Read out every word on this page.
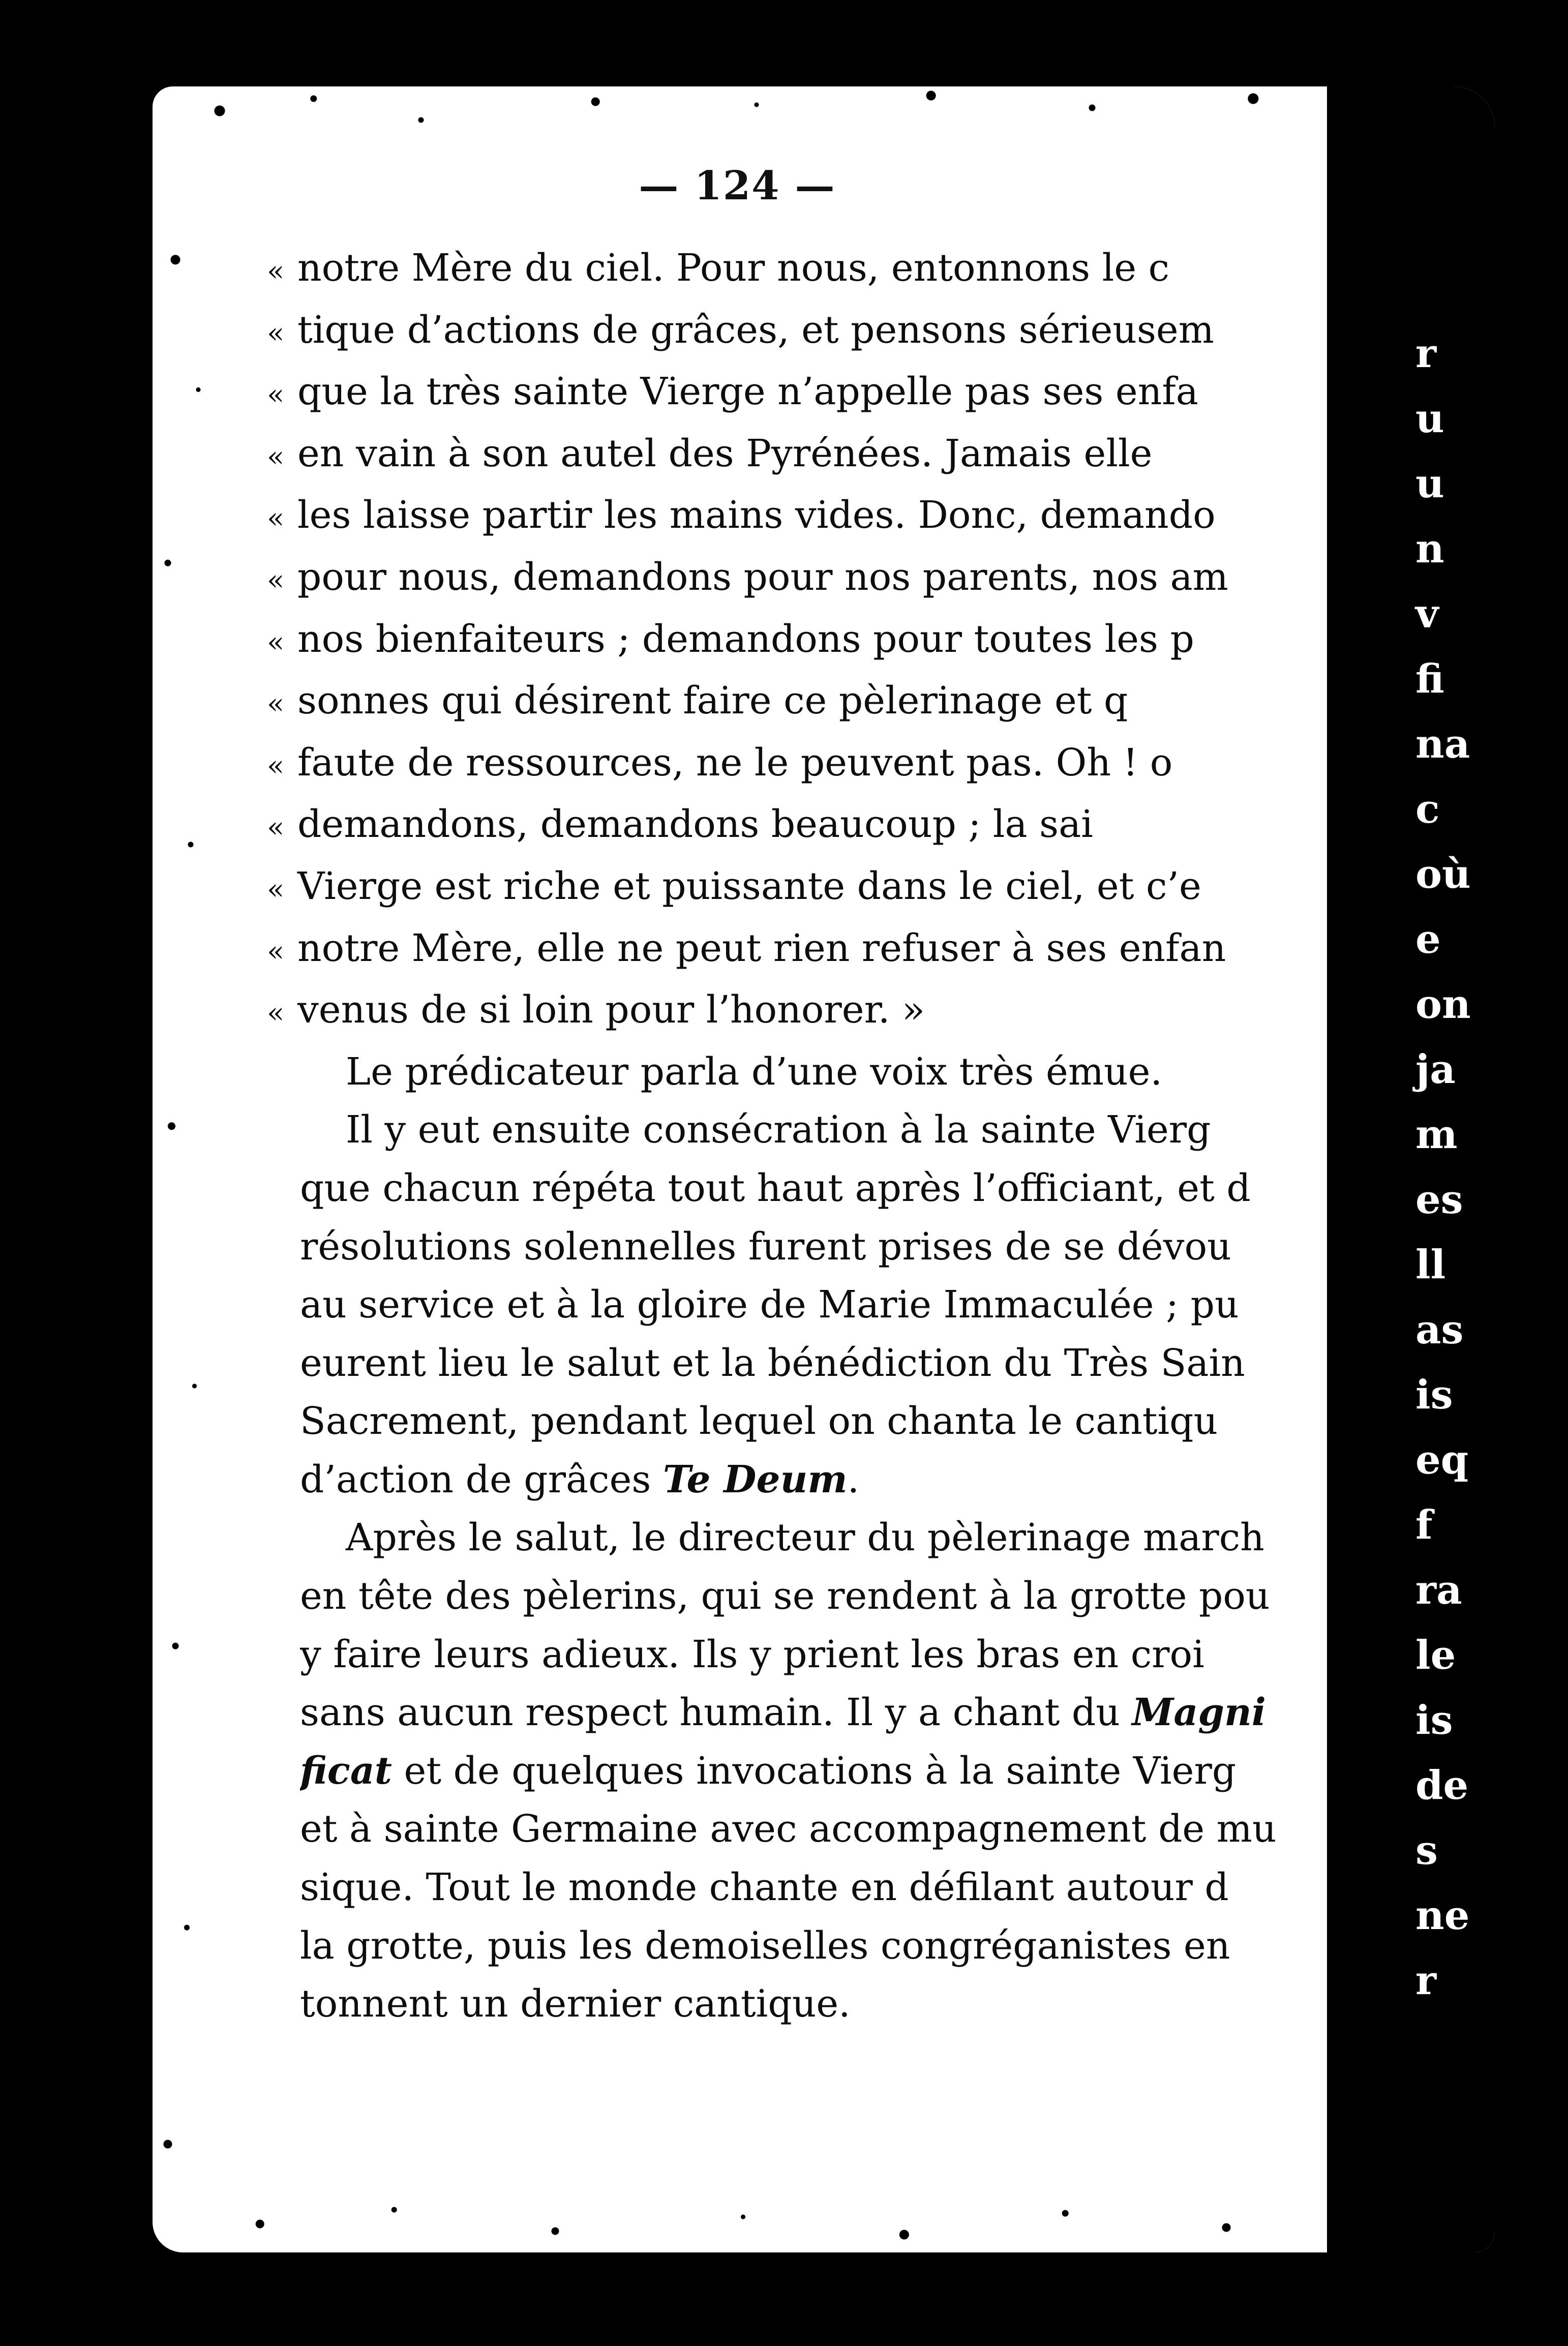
— 124 —
« notre Mère du ciel. Pour nous, entonnons le c
« tique d’actions de grâces, et pensons sérieusem
« que la très sainte Vierge n’appelle pas ses enfa
« en vain à son autel des Pyrénées. Jamais elle
« les laisse partir les mains vides. Donc, demando
« pour nous, demandons pour nos parents, nos am
« nos bienfaiteurs ; demandons pour toutes les p
« sonnes qui désirent faire ce pèlerinage et q
« faute de ressources, ne le peuvent pas. Oh ! o
« demandons, demandons beaucoup ; la sai
« Vierge est riche et puissante dans le ciel, et c’e
« notre Mère, elle ne peut rien refuser à ses enfan
« venus de si loin pour l’honorer. »
Le prédicateur parla d’une voix très émue.
Il y eut ensuite consécration à la sainte Vierg
que chacun répéta tout haut après l’officiant, et d
résolutions solennelles furent prises de se dévou
au service et à la gloire de Marie Immaculée ; pu
eurent lieu le salut et la bénédiction du Très Sain
Sacrement, pendant lequel on chanta le cantiqu
d’action de grâces Te Deum.
Après le salut, le directeur du pèlerinage march
en tête des pèlerins, qui se rendent à la grotte pou
y faire leurs adieux. Ils y prient les bras en croi
sans aucun respect humain. Il y a chant du Magni
ficat et de quelques invocations à la sainte Vierg
et à sainte Germaine avec accompagnement de mu
sique. Tout le monde chante en défilant autour d
la grotte, puis les demoiselles congréganistes en
tonnent un dernier cantique.
r
u
u
n
v
fi
na
c
où
e
on
ja
m
es
ll
as
is
eq
f
ra
le
is
de
s
ne
r
